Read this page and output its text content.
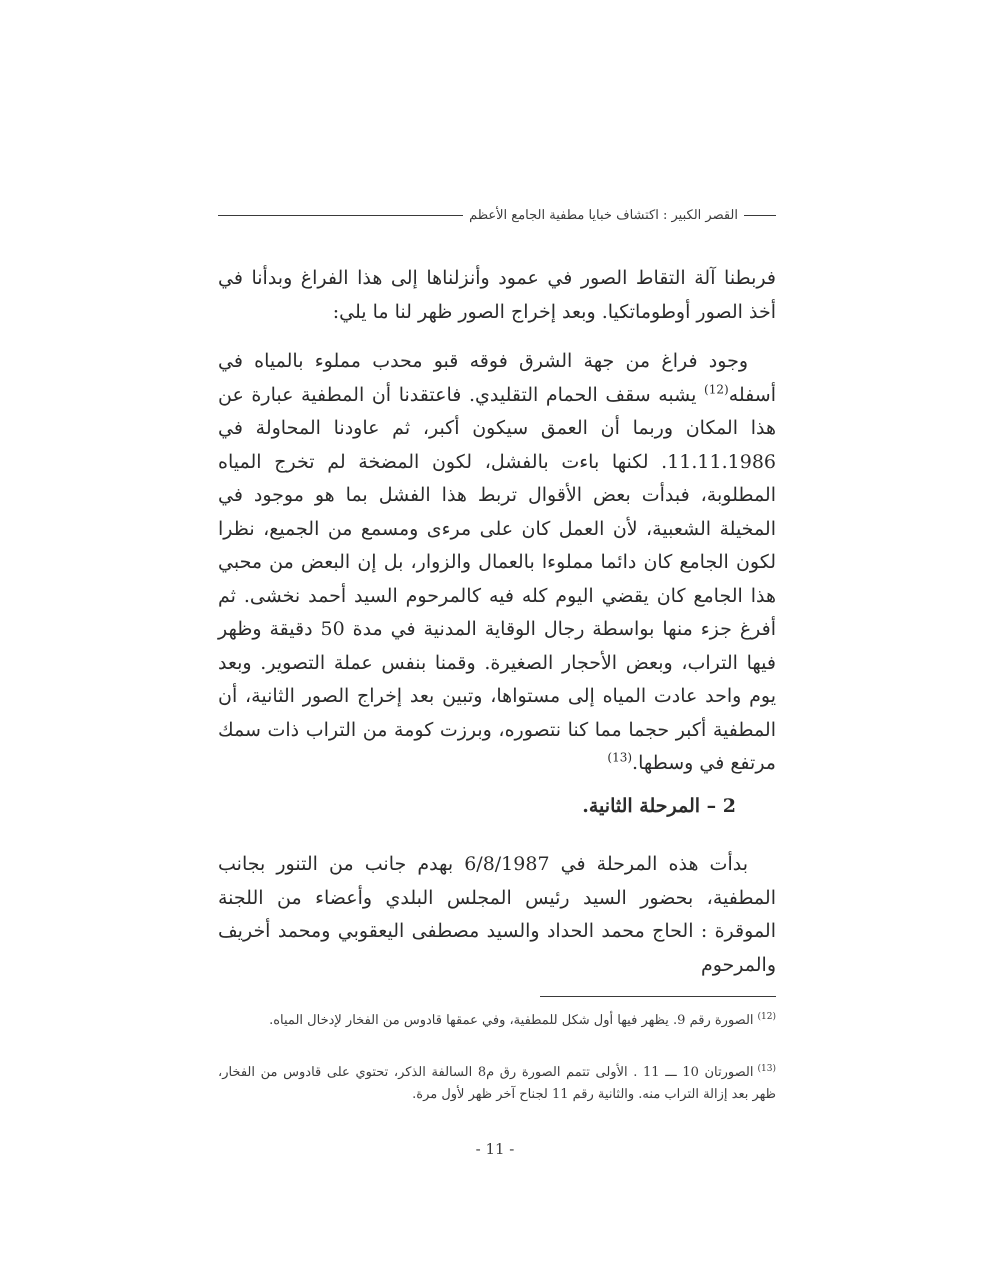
القصر الكبير : اكتشاف خبايا مطفية الجامع الأعظم
فربطنا آلة التقاط الصور في عمود وأنزلناها إلى هذا الفراغ وبدأنا في أخذ الصور أوطوماتكيا. وبعد إخراج الصور ظهر لنا ما يلي:
وجود فراغ من جهة الشرق فوقه قبو محدب مملوء بالمياه في أسفله$^{(12)}$ يشبه سقف الحمام التقليدي. فاعتقدنا أن المطفية عبارة عن هذا المكان وربما أن العمق سيكون أكبر، ثم عاودنا المحاولة في 11.11.1986. لكنها باءت بالفشل، لكون المضخة لم تخرج المياه المطلوبة، فبدأت بعض الأقوال تربط هذا الفشل بما هو موجود في المخيلة الشعبية، لأن العمل كان على مرءى ومسمع من الجميع، نظرا لكون الجامع كان دائما مملوءا بالعمال والزوار، بل إن البعض من محبي هذا الجامع كان يقضي اليوم كله فيه كالمرحوم السيد أحمد نخشى. ثم أفرغ جزء منها بواسطة رجال الوقاية المدنية في مدة 50 دقيقة وظهر فيها التراب، وبعض الأحجار الصغيرة. وقمنا بنفس عملة التصوير. وبعد يوم واحد عادت المياه إلى مستواها، وتبين بعد إخراج الصور الثانية، أن المطفية أكبر حجما مما كنا نتصوره، وبرزت كومة من التراب ذات سمك مرتفع في وسطها.$^{(13)}$
2 – المرحلة الثانية.
بدأت هذه المرحلة في 6/8/1987 بهدم جانب من التنور بجانب المطفية، بحضور السيد رئيس المجلس البلدي وأعضاء من اللجنة الموقرة : الحاج محمد الحداد والسيد مصطفى اليعقوبي ومحمد أخريف والمرحوم
$^{(12)}$الصورة رقم 9. يظهر فيها أول شكل للمطفية، وفي عمقها قادوس من الفخار لإدخال المياه.
$^{(13)}$الصورتان 10 ـــ 11 . الأولى تتمم الصورة رق م8 السالفة الذكر، تحتوي على قادوس من الفخار، ظهر بعد إزالة التراب منه. والثانية رقم 11 لجناح آخر ظهر لأول مرة.
- 11 -
